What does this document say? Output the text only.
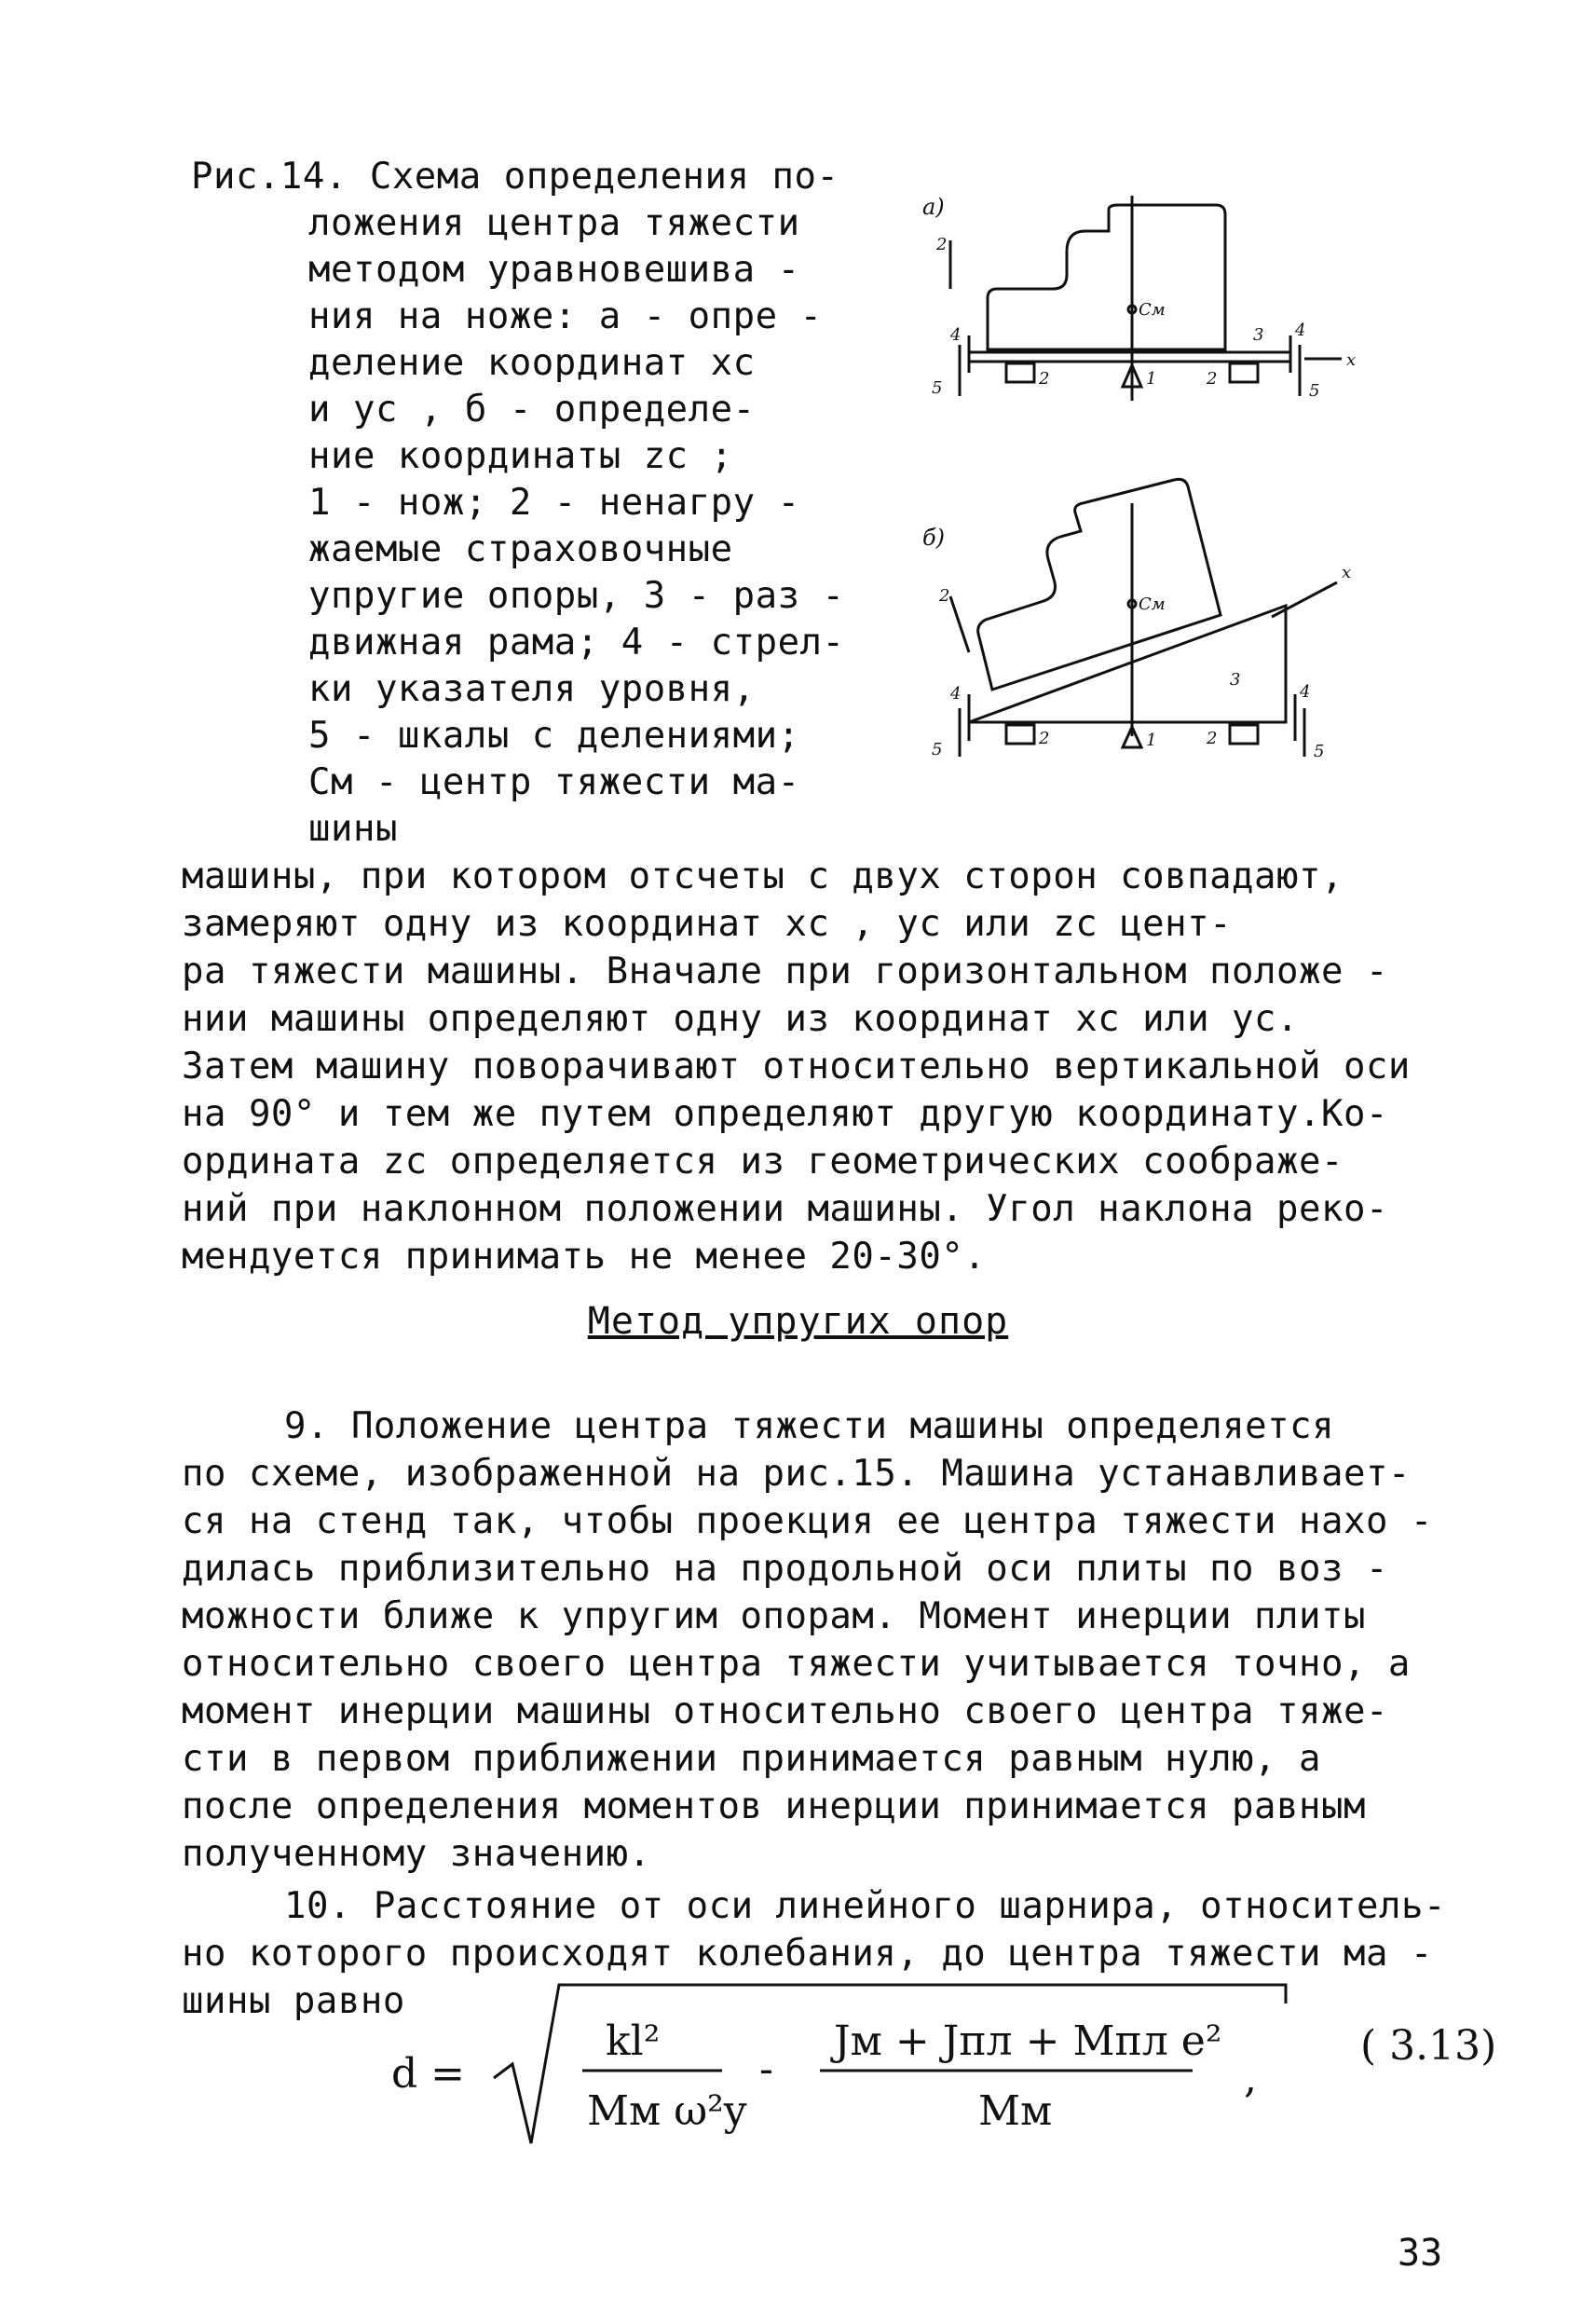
Рис.14. Схема определения по-
ложения центра тяжести
методом уравновешива -
ния на ноже: а - опре -
деление координат xc
и yc , б - определе-
ние координаты zc ;
1 - нож; 2 - ненагру -
жаемые страховочные
упругие опоры, 3 - раз -
движная рама; 4 - стрел-
ки указателя уровня,
5 - шкалы с делениями;
Cм - центр тяжести ма-
шины
а)
2
Cм
4	4
3
x
1
2	2
5	5
б)
2	Cм
x
3
4	4
1
2	2
5	5
машины, при котором отсчеты с двух сторон совпадают,
замеряют одну из координат xc , yc или zc цент-
ра тяжести машины. Вначале при горизонтальном положе -
нии машины определяют одну из координат xc или yc.
Затем машину поворачивают относительно вертикальной оси
на 90° и тем же путем определяют другую координату.Ко-
ордината zc определяется из геометрических соображе-
ний при наклонном положении машины. Угол наклона реко-
мендуется принимать не менее 20-30°.
Метод упругих опор
9. Положение центра тяжести машины определяется
по схеме, изображенной на рис.15. Машина устанавливает-
ся на стенд так, чтобы проекция ее центра тяжести нахо -
дилась приблизительно на продольной оси плиты по воз -
можности ближе к упругим опорам. Момент инерции плиты
относительно своего центра тяжести учитывается точно, а
момент инерции машины относительно своего центра тяже-
сти в первом приближении принимается равным нулю, а
после определения моментов инерции принимается равным
полученному значению.
10. Расстояние от оси линейного шарнира, относитель-
но которого происходят колебания, до центра тяжести ма -
шины равно
d =
kl²
Mм ω²y
-
Jм + Jпл + Mпл e²
Mм
,
( 3.13)
33
